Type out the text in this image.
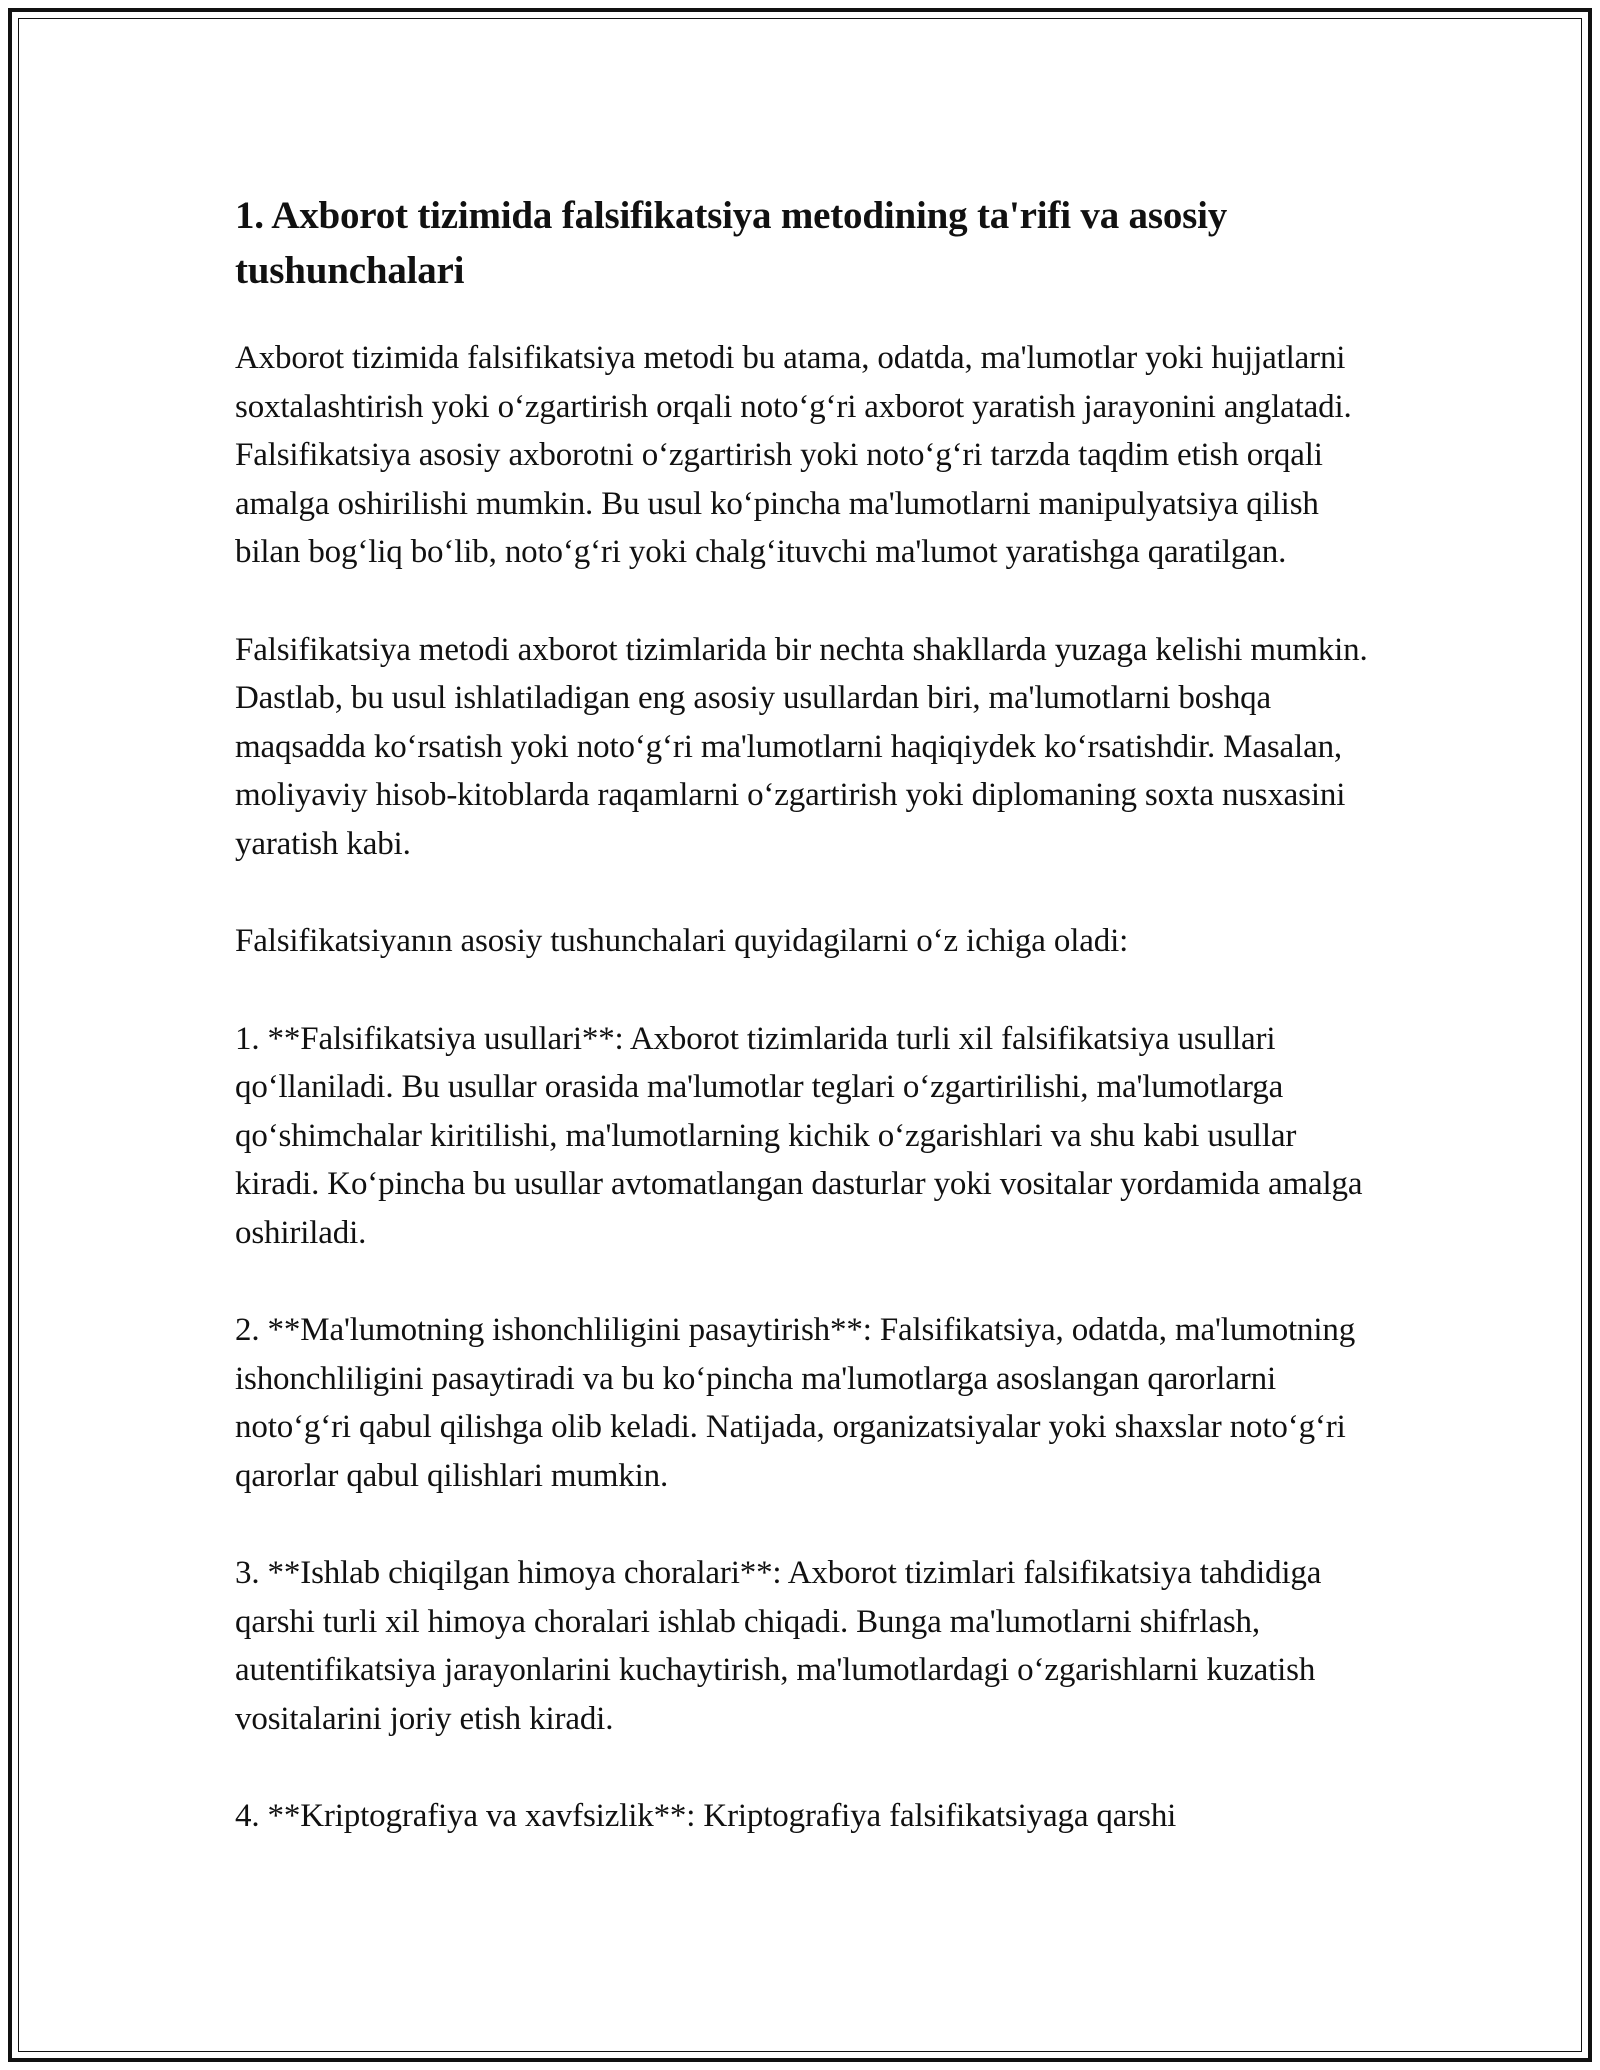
1. Axborot tizimida falsifikatsiya metodining ta'rifi va asosiy tushunchalari

Axborot tizimida falsifikatsiya metodi bu atama, odatda, ma'lumotlar yoki hujjatlarni soxtalashtirish yoki o‘zgartirish orqali noto‘g‘ri axborot yaratish jarayonini anglatadi. Falsifikatsiya asosiy axborotni o‘zgartirish yoki noto‘g‘ri tarzda taqdim etish orqali amalga oshirilishi mumkin. Bu usul ko‘pincha ma'lumotlarni manipulyatsiya qilish bilan bog‘liq bo‘lib, noto‘g‘ri yoki chalg‘ituvchi ma'lumot yaratishga qaratilgan.

Falsifikatsiya metodi axborot tizimlarida bir nechta shakllarda yuzaga kelishi mumkin. Dastlab, bu usul ishlatiladigan eng asosiy usullardan biri, ma'lumotlarni boshqa maqsadda ko‘rsatish yoki noto‘g‘ri ma'lumotlarni haqiqiydek ko‘rsatishdir. Masalan, moliyaviy hisob-kitoblarda raqamlarni o‘zgartirish yoki diplomaning soxta nusxasini yaratish kabi.

Falsifikatsiyanın asosiy tushunchalari quyidagilarni o‘z ichiga oladi:

1. **Falsifikatsiya usullari**: Axborot tizimlarida turli xil falsifikatsiya usullari qo‘llaniladi. Bu usullar orasida ma'lumotlar teglari o‘zgartirilishi, ma'lumotlarga qo‘shimchalar kiritilishi, ma'lumotlarning kichik o‘zgarishlari va shu kabi usullar kiradi. Ko‘pincha bu usullar avtomatlangan dasturlar yoki vositalar yordamida amalga oshiriladi.

2. **Ma'lumotning ishonchliligini pasaytirish**: Falsifikatsiya, odatda, ma'lumotning ishonchliligini pasaytiradi va bu ko‘pincha ma'lumotlarga asoslangan qarorlarni noto‘g‘ri qabul qilishga olib keladi. Natijada, organizatsiyalar yoki shaxslar noto‘g‘ri qarorlar qabul qilishlari mumkin.

3. **Ishlab chiqilgan himoya choralari**: Axborot tizimlari falsifikatsiya tahdidiga qarshi turli xil himoya choralari ishlab chiqadi. Bunga ma'lumotlarni shifrlash, autentifikatsiya jarayonlarini kuchaytirish, ma'lumotlardagi o‘zgarishlarni kuzatish vositalarini joriy etish kiradi.

4. **Kriptografiya va xavfsizlik**: Kriptografiya falsifikatsiyaga qarshi
